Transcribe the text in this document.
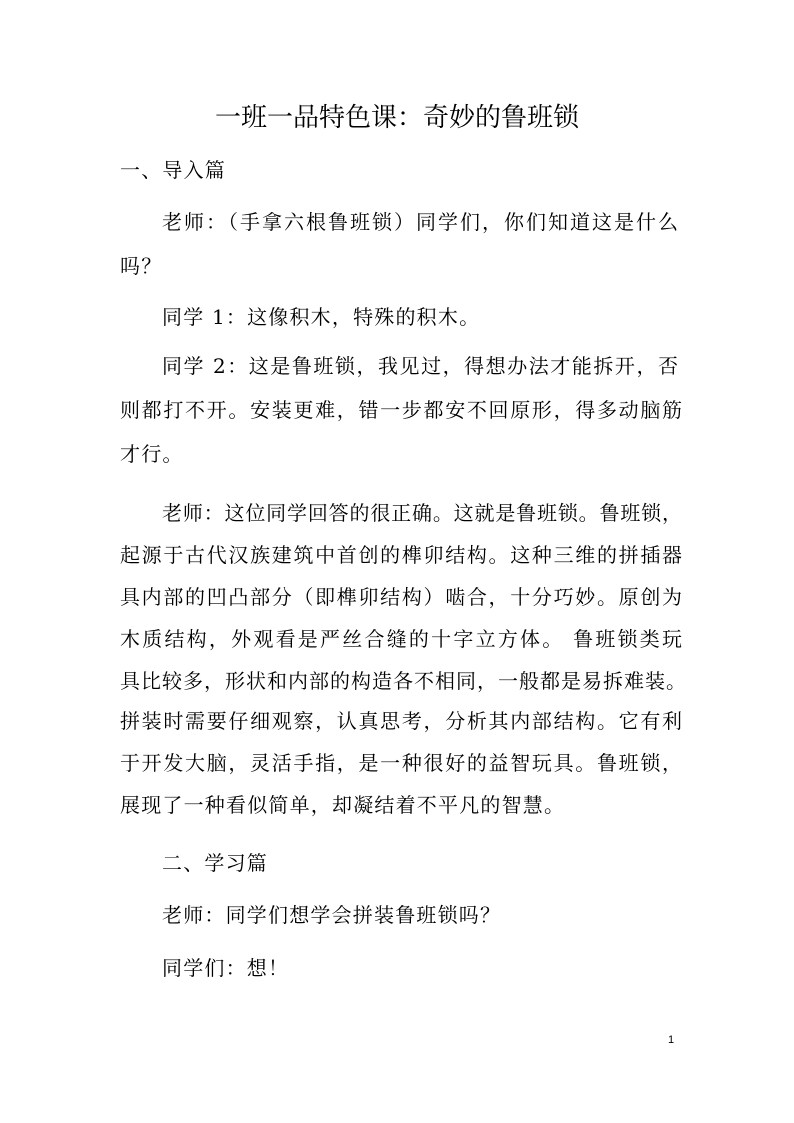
一班一品特色课：奇妙的鲁班锁
一、导入篇
老师：（手拿六根鲁班锁）同学们，你们知道这是什么
吗？
同学 1：这像积木，特殊的积木。
同学 2：这是鲁班锁，我见过，得想办法才能拆开，否
则都打不开。安装更难，错一步都安不回原形，得多动脑筋
才行。
老师：这位同学回答的很正确。这就是鲁班锁。鲁班锁，
起源于古代汉族建筑中首创的榫卯结构。这种三维的拼插器
具内部的凹凸部分（即榫卯结构）啮合，十分巧妙。原创为
木质结构，外观看是严丝合缝的十字立方体。 鲁班锁类玩
具比较多，形状和内部的构造各不相同，一般都是易拆难装。
拼装时需要仔细观察，认真思考，分析其内部结构。它有利
于开发大脑，灵活手指，是一种很好的益智玩具。鲁班锁，
展现了一种看似简单，却凝结着不平凡的智慧。
二、学习篇
老师：同学们想学会拼装鲁班锁吗？
同学们：想！
1
